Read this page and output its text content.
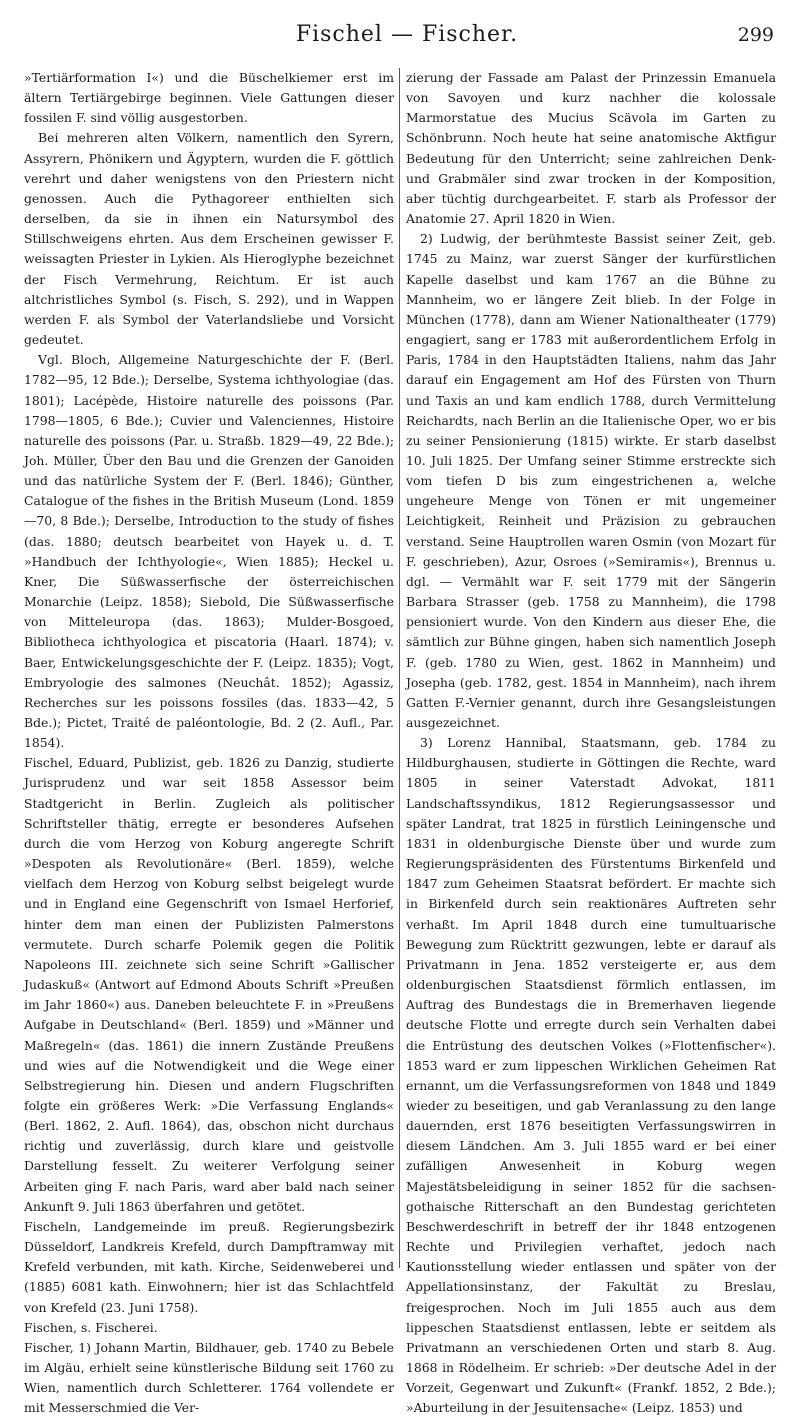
Fischel — Fischer.	299

»Tertiärformation I«) und die Büschelkiemer erst im ältern Tertiärgebirge beginnen. Viele Gattungen dieser fossilen F. sind völlig ausgestorben.

Bei mehreren alten Völkern, namentlich den Syrern, Assyrern, Phönikern und Ägyptern, wurden die F. göttlich verehrt und daher wenigstens von den Priestern nicht genossen. Auch die Pythagoreer enthielten sich derselben, da sie in ihnen ein Natursymbol des Stillschweigens ehrten. Aus dem Erscheinen gewisser F. weissagten Priester in Lykien. Als Hieroglyphe bezeichnet der Fisch Vermehrung, Reichtum. Er ist auch altchristliches Symbol (s. Fisch, S. 292), und in Wappen werden F. als Symbol der Vaterlandsliebe und Vorsicht gedeutet.

Vgl. Bloch, Allgemeine Naturgeschichte der F. (Berl. 1782—95, 12 Bde.); Derselbe, Systema ichthyologiae (das. 1801); Lacépède, Histoire naturelle des poissons (Par. 1798—1805, 6 Bde.); Cuvier und Valenciennes, Histoire naturelle des poissons (Par. u. Straßb. 1829—49, 22 Bde.); Joh. Müller, Über den Bau und die Grenzen der Ganoiden und das natürliche System der F. (Berl. 1846); Günther, Catalogue of the fishes in the British Museum (Lond. 1859—70, 8 Bde.); Derselbe, Introduction to the study of fishes (das. 1880; deutsch bearbeitet von Hayek u. d. T. »Handbuch der Ichthyologie«, Wien 1885); Heckel u. Kner, Die Süßwasserfische der österreichischen Monarchie (Leipz. 1858); Siebold, Die Süßwasserfische von Mitteleuropa (das. 1863); Mulder-Bosgoed, Bibliotheca ichthyologica et piscatoria (Haarl. 1874); v. Baer, Entwickelungsgeschichte der F. (Leipz. 1835); Vogt, Embryologie des salmones (Neuchât. 1852); Agassiz, Recherches sur les poissons fossiles (das. 1833—42, 5 Bde.); Pictet, Traité de paléontologie, Bd. 2 (2. Aufl., Par. 1854).

Fischel, Eduard, Publizist, geb. 1826 zu Danzig, studierte Jurisprudenz und war seit 1858 Assessor beim Stadtgericht in Berlin. Zugleich als politischer Schriftsteller thätig, erregte er besonderes Aufsehen durch die vom Herzog von Koburg angeregte Schrift »Despoten als Revolutionäre« (Berl. 1859), welche vielfach dem Herzog von Koburg selbst beigelegt wurde und in England eine Gegenschrift von Ismael Herforief, hinter dem man einen der Publizisten Palmerstons vermutete. Durch scharfe Polemik gegen die Politik Napoleons III. zeichnete sich seine Schrift »Gallischer Judaskuß« (Antwort auf Edmond Abouts Schrift »Preußen im Jahr 1860«) aus. Daneben beleuchtete F. in »Preußens Aufgabe in Deutschland« (Berl. 1859) und »Männer und Maßregeln« (das. 1861) die innern Zustände Preußens und wies auf die Notwendigkeit und die Wege einer Selbstregierung hin. Diesen und andern Flugschriften folgte ein größeres Werk: »Die Verfassung Englands« (Berl. 1862, 2. Aufl. 1864), das, obschon nicht durchaus richtig und zuverlässig, durch klare und geistvolle Darstellung fesselt. Zu weiterer Verfolgung seiner Arbeiten ging F. nach Paris, ward aber bald nach seiner Ankunft 9. Juli 1863 überfahren und getötet.

Fischeln, Landgemeinde im preuß. Regierungsbezirk Düsseldorf, Landkreis Krefeld, durch Dampftramway mit Krefeld verbunden, mit kath. Kirche, Seidenweberei und (1885) 6081 kath. Einwohnern; hier ist das Schlachtfeld von Krefeld (23. Juni 1758).

Fischen, s. Fischerei.

Fischer, 1) Johann Martin, Bildhauer, geb. 1740 zu Bebele im Algäu, erhielt seine künstlerische Bildung seit 1760 zu Wien, namentlich durch Schletterer. 1764 vollendete er mit Messerschmied die Ver-

zierung der Fassade am Palast der Prinzessin Emanuela von Savoyen und kurz nachher die kolossale Marmorstatue des Mucius Scävola im Garten zu Schönbrunn. Noch heute hat seine anatomische Aktfigur Bedeutung für den Unterricht; seine zahlreichen Denk- und Grabmäler sind zwar trocken in der Komposition, aber tüchtig durchgearbeitet. F. starb als Professor der Anatomie 27. April 1820 in Wien.

2) Ludwig, der berühmteste Bassist seiner Zeit, geb. 1745 zu Mainz, war zuerst Sänger der kurfürstlichen Kapelle daselbst und kam 1767 an die Bühne zu Mannheim, wo er längere Zeit blieb. In der Folge in München (1778), dann am Wiener Nationaltheater (1779) engagiert, sang er 1783 mit außerordentlichem Erfolg in Paris, 1784 in den Hauptstädten Italiens, nahm das Jahr darauf ein Engagement am Hof des Fürsten von Thurn und Taxis an und kam endlich 1788, durch Vermittelung Reichardts, nach Berlin an die Italienische Oper, wo er bis zu seiner Pensionierung (1815) wirkte. Er starb daselbst 10. Juli 1825. Der Umfang seiner Stimme erstreckte sich vom tiefen D bis zum eingestrichenen a, welche ungeheure Menge von Tönen er mit ungemeiner Leichtigkeit, Reinheit und Präzision zu gebrauchen verstand. Seine Hauptrollen waren Osmin (von Mozart für F. geschrieben), Azur, Osroes (»Semiramis«), Brennus u. dgl. — Vermählt war F. seit 1779 mit der Sängerin Barbara Strasser (geb. 1758 zu Mannheim), die 1798 pensioniert wurde. Von den Kindern aus dieser Ehe, die sämtlich zur Bühne gingen, haben sich namentlich Joseph F. (geb. 1780 zu Wien, gest. 1862 in Mannheim) und Josepha (geb. 1782, gest. 1854 in Mannheim), nach ihrem Gatten F.-Vernier genannt, durch ihre Gesangsleistungen ausgezeichnet.

3) Lorenz Hannibal, Staatsmann, geb. 1784 zu Hildburghausen, studierte in Göttingen die Rechte, ward 1805 in seiner Vaterstadt Advokat, 1811 Landschaftssyndikus, 1812 Regierungsassessor und später Landrat, trat 1825 in fürstlich Leiningensche und 1831 in oldenburgische Dienste über und wurde zum Regierungspräsidenten des Fürstentums Birkenfeld und 1847 zum Geheimen Staatsrat befördert. Er machte sich in Birkenfeld durch sein reaktionäres Auftreten sehr verhaßt. Im April 1848 durch eine tumultuarische Bewegung zum Rücktritt gezwungen, lebte er darauf als Privatmann in Jena. 1852 versteigerte er, aus dem oldenburgischen Staatsdienst förmlich entlassen, im Auftrag des Bundestags die in Bremerhaven liegende deutsche Flotte und erregte durch sein Verhalten dabei die Entrüstung des deutschen Volkes (»Flottenfischer«). 1853 ward er zum lippeschen Wirklichen Geheimen Rat ernannt, um die Verfassungsreformen von 1848 und 1849 wieder zu beseitigen, und gab Veranlassung zu den lange dauernden, erst 1876 beseitigten Verfassungswirren in diesem Ländchen. Am 3. Juli 1855 ward er bei einer zufälligen Anwesenheit in Koburg wegen Majestätsbeleidigung in seiner 1852 für die sachsen-gothaische Ritterschaft an den Bundestag gerichteten Beschwerdeschrift in betreff der ihr 1848 entzogenen Rechte und Privilegien verhaftet, jedoch nach Kautionsstellung wieder entlassen und später von der Appellationsinstanz, der Fakultät zu Breslau, freigesprochen. Noch im Juli 1855 auch aus dem lippeschen Staatsdienst entlassen, lebte er seitdem als Privatmann an verschiedenen Orten und starb 8. Aug. 1868 in Rödelheim. Er schrieb: »Der deutsche Adel in der Vorzeit, Gegenwart und Zukunft« (Frankf. 1852, 2 Bde.); »Aburteilung in der Jesuitensache« (Leipz. 1853) und
